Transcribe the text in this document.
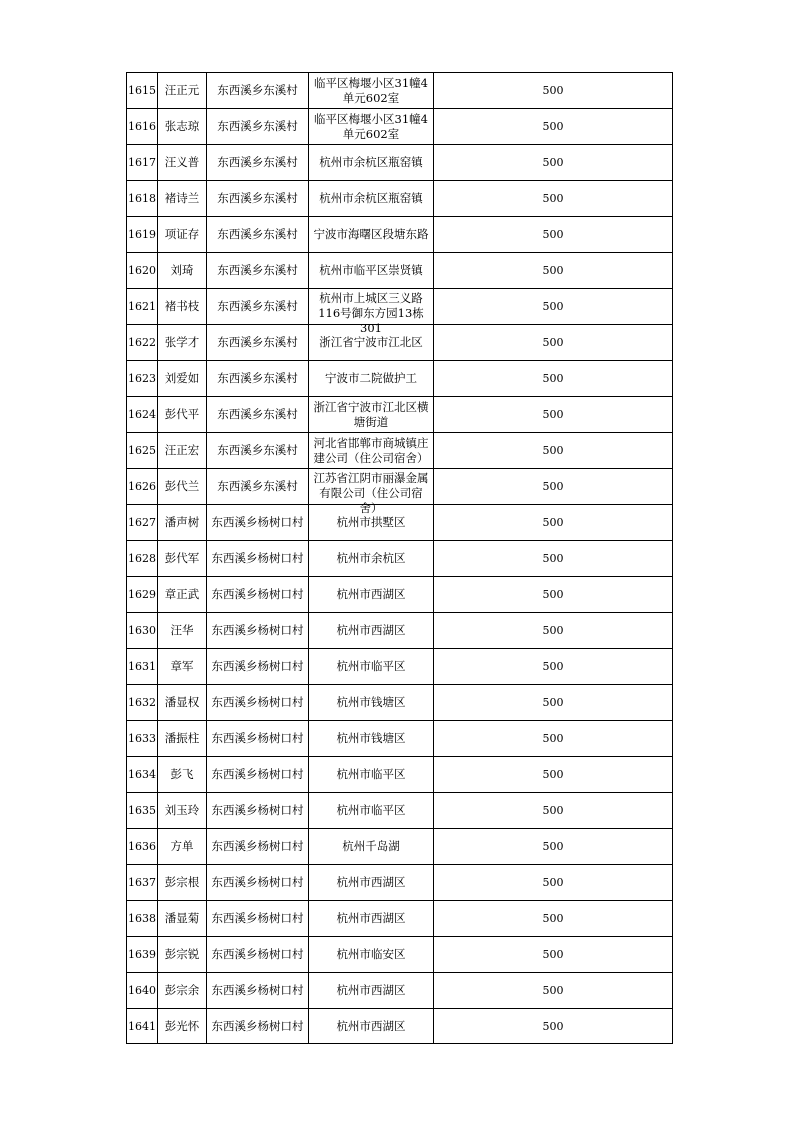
1615	汪正元	东西溪乡东溪村	临平区梅堰小区31幢4单元602室	500
1616	张志琼	东西溪乡东溪村	临平区梅堰小区31幢4单元602室	500
1617	汪义普	东西溪乡东溪村	杭州市余杭区瓶窑镇	500
1618	褚诗兰	东西溪乡东溪村	杭州市余杭区瓶窑镇	500
1619	项证存	东西溪乡东溪村	宁波市海曙区段塘东路	500
1620	刘琦	东西溪乡东溪村	杭州市临平区崇贤镇	500
1621	褚书枝	东西溪乡东溪村	杭州市上城区三义路116号御东方园13栋301	500
1622	张学才	东西溪乡东溪村	浙江省宁波市江北区	500
1623	刘爱如	东西溪乡东溪村	宁波市二院做护工	500
1624	彭代平	东西溪乡东溪村	浙江省宁波市江北区横塘街道	500
1625	汪正宏	东西溪乡东溪村	河北省邯郸市商城镇庄建公司（住公司宿舍）	500
1626	彭代兰	东西溪乡东溪村	江苏省江阴市丽瀑金属有限公司（住公司宿舍）	500
1627	潘声树	东西溪乡杨树口村	杭州市拱墅区	500
1628	彭代军	东西溪乡杨树口村	杭州市余杭区	500
1629	章正武	东西溪乡杨树口村	杭州市西湖区	500
1630	汪华	东西溪乡杨树口村	杭州市西湖区	500
1631	章军	东西溪乡杨树口村	杭州市临平区	500
1632	潘显权	东西溪乡杨树口村	杭州市钱塘区	500
1633	潘振柱	东西溪乡杨树口村	杭州市钱塘区	500
1634	彭飞	东西溪乡杨树口村	杭州市临平区	500
1635	刘玉玲	东西溪乡杨树口村	杭州市临平区	500
1636	方单	东西溪乡杨树口村	杭州千岛湖	500
1637	彭宗根	东西溪乡杨树口村	杭州市西湖区	500
1638	潘显菊	东西溪乡杨树口村	杭州市西湖区	500
1639	彭宗锐	东西溪乡杨树口村	杭州市临安区	500
1640	彭宗余	东西溪乡杨树口村	杭州市西湖区	500
1641	彭光怀	东西溪乡杨树口村	杭州市西湖区	500
